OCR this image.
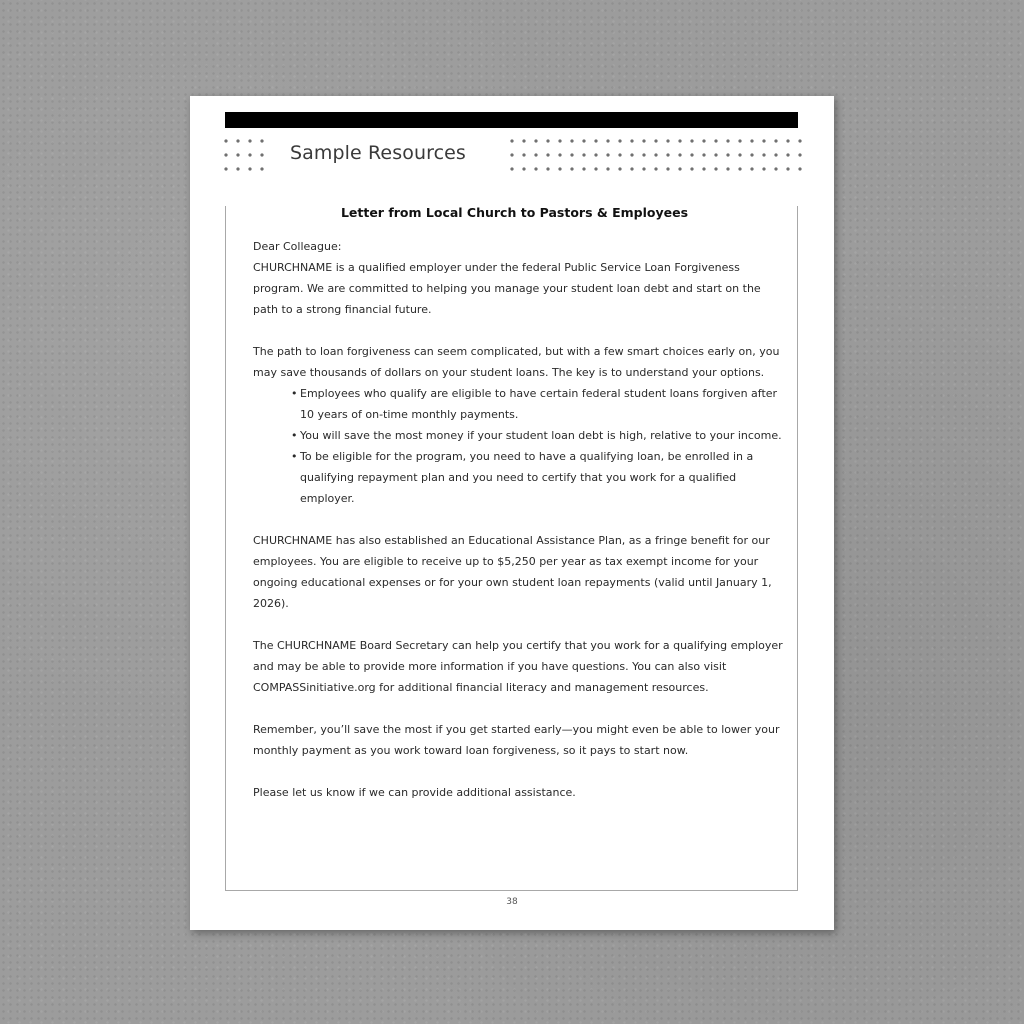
Sample Resources
Letter from Local Church to Pastors & Employees

Dear Colleague:

CHURCHNAME is a qualified employer under the federal Public Service Loan Forgiveness program. We are committed to helping you manage your student loan debt and start on the path to a strong financial future.

The path to loan forgiveness can seem complicated, but with a few smart choices early on, you may save thousands of dollars on your student loans. The key is to understand your options.

• Employees who qualify are eligible to have certain federal student loans forgiven after 10 years of on-time monthly payments.
• You will save the most money if your student loan debt is high, relative to your income.
• To be eligible for the program, you need to have a qualifying loan, be enrolled in a qualifying repayment plan and you need to certify that you work for a qualified employer.

CHURCHNAME has also established an Educational Assistance Plan, as a fringe benefit for our employees. You are eligible to receive up to $5,250 per year as tax exempt income for your ongoing educational expenses or for your own student loan repayments (valid until January 1, 2026).

The CHURCHNAME Board Secretary can help you certify that you work for a qualifying employer and may be able to provide more information if you have questions. You can also visit COMPASSinitiative.org for additional financial literacy and management resources.

Remember, you’ll save the most if you get started early—you might even be able to lower your monthly payment as you work toward loan forgiveness, so it pays to start now.

Please let us know if we can provide additional assistance.

38
